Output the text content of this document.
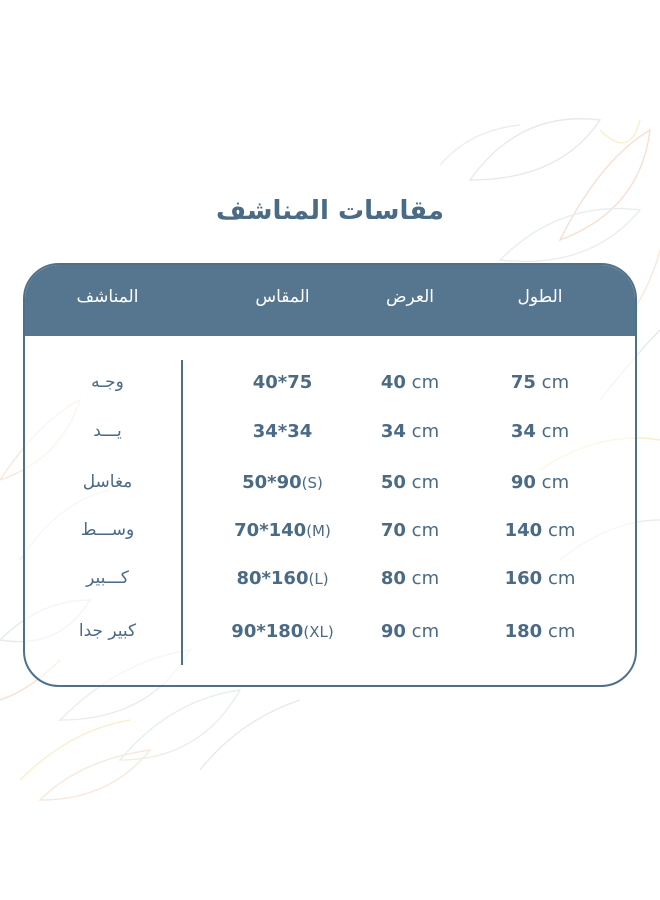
مقاسات المناشف
المناشف	المقاس	العرض	الطول
وجـه	40*75	40 cm	75 cm
يـــد	34*34	34 cm	34 cm
مغاسل	50*90(S)	50 cm	90 cm
وســـط	70*140(M)	70 cm	140 cm
كـــبير	80*160(L)	80 cm	160 cm
كبير جدا	90*180(XL)	90 cm	180 cm
